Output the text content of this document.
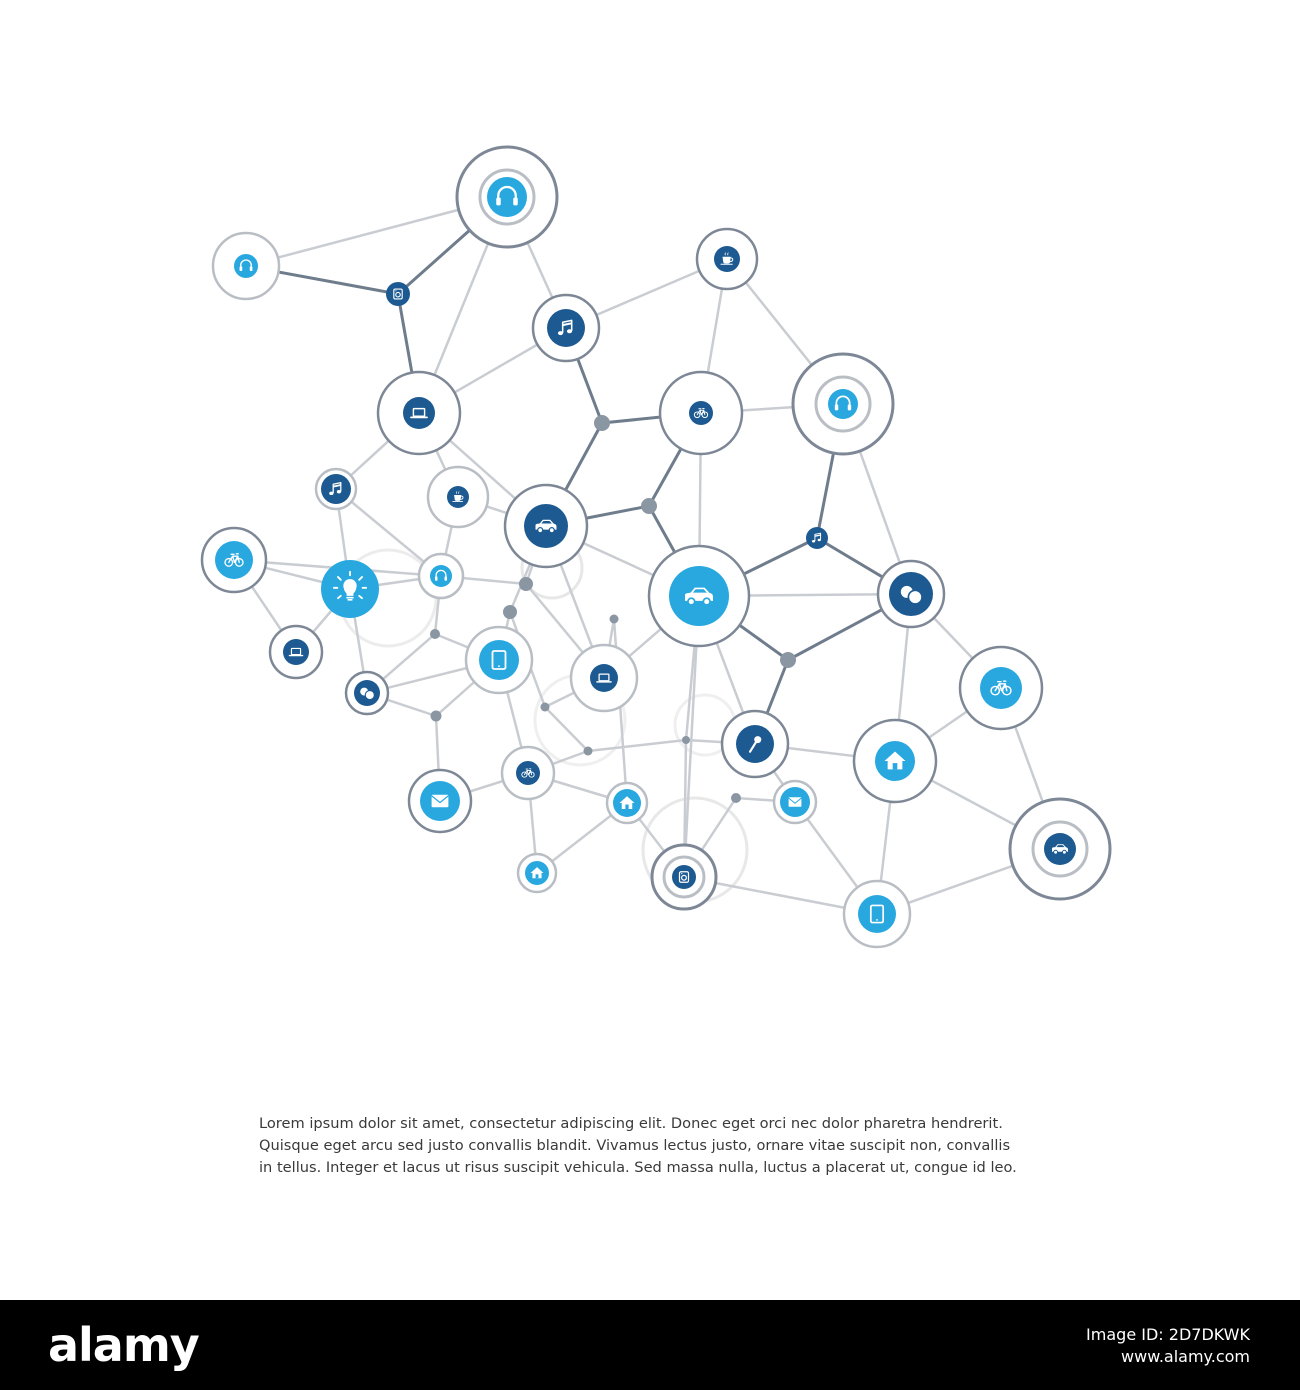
Lorem ipsum dolor sit amet, consectetur adipiscing elit. Donec eget orci nec dolor pharetra hendrerit.
Quisque eget arcu sed justo convallis blandit. Vivamus lectus justo, ornare vitae suscipit non, convallis
in tellus. Integer et lacus ut risus suscipit vehicula. Sed massa nulla, luctus a placerat ut, congue id leo.

alamy	Image ID: 2D7DKWK
www.alamy.com
